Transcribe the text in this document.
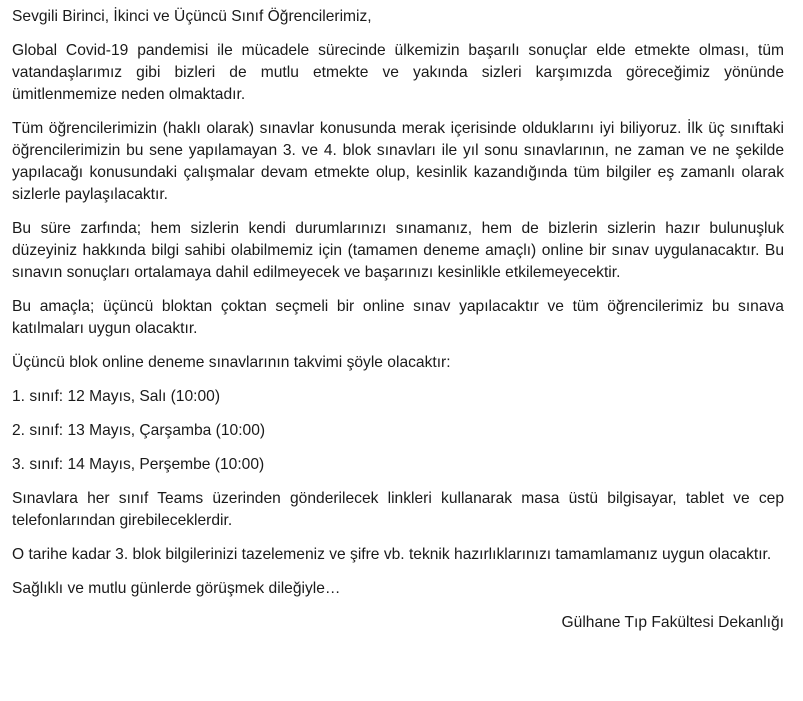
Sevgili Birinci, İkinci ve Üçüncü Sınıf Öğrencilerimiz,

Global Covid-19 pandemisi ile mücadele sürecinde ülkemizin başarılı sonuçlar elde etmekte olması, tüm vatandaşlarımız gibi bizleri de mutlu etmekte ve yakında sizleri karşımızda göreceğimiz yönünde ümitlenmemize neden olmaktadır.

Tüm öğrencilerimizin (haklı olarak) sınavlar konusunda merak içerisinde olduklarını iyi biliyoruz. İlk üç sınıftaki öğrencilerimizin bu sene yapılamayan 3. ve 4. blok sınavları ile yıl sonu sınavlarının, ne zaman ve ne şekilde yapılacağı konusundaki çalışmalar devam etmekte olup, kesinlik kazandığında tüm bilgiler eş zamanlı olarak sizlerle paylaşılacaktır.

Bu süre zarfında; hem sizlerin kendi durumlarınızı sınamanız, hem de bizlerin sizlerin hazır bulunuşluk düzeyiniz hakkında bilgi sahibi olabilmemiz için (tamamen deneme amaçlı) online bir sınav uygulanacaktır. Bu sınavın sonuçları ortalamaya dahil edilmeyecek ve başarınızı kesinlikle etkilemeyecektir.

Bu amaçla; üçüncü bloktan çoktan seçmeli bir online sınav yapılacaktır ve tüm öğrencilerimiz bu sınava katılmaları uygun olacaktır.

Üçüncü blok online deneme sınavlarının takvimi şöyle olacaktır:

1. sınıf: 12 Mayıs, Salı (10:00)

2. sınıf: 13 Mayıs, Çarşamba (10:00)

3. sınıf: 14 Mayıs, Perşembe (10:00)

Sınavlara her sınıf Teams üzerinden gönderilecek linkleri kullanarak masa üstü bilgisayar, tablet ve cep telefonlarından girebileceklerdir.

O tarihe kadar 3. blok bilgilerinizi tazelemeniz ve şifre vb. teknik hazırlıklarınızı tamamlamanız uygun olacaktır.

Sağlıklı ve mutlu günlerde görüşmek dileğiyle…

Gülhane Tıp Fakültesi Dekanlığı
